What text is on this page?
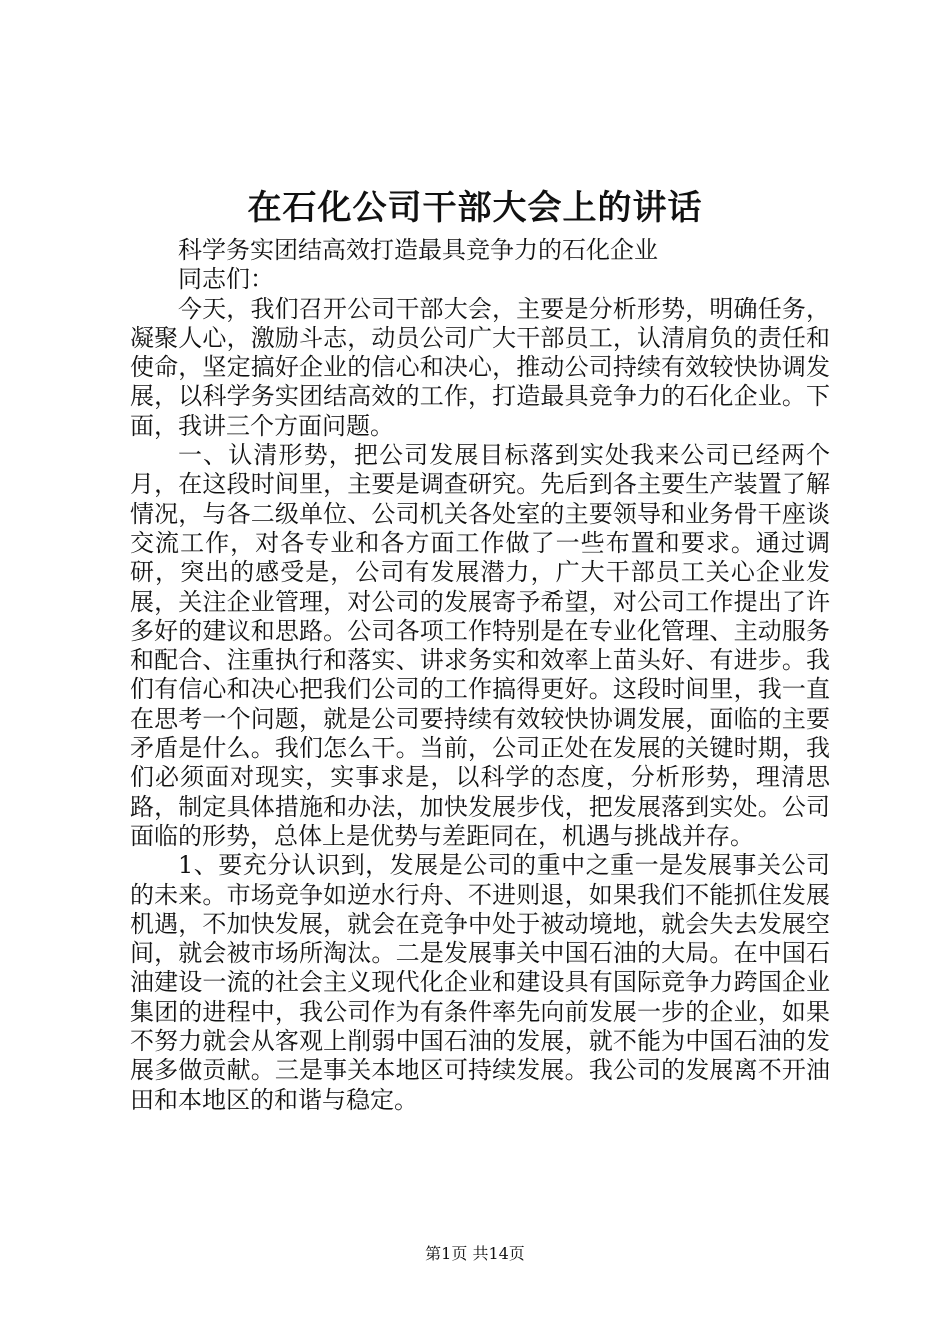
在石化公司干部大会上的讲话

科学务实团结高效打造最具竞争力的石化企业

同志们：

今天，我们召开公司干部大会，主要是分析形势，明确任务，凝聚人心，激励斗志，动员公司广大干部员工，认清肩负的责任和使命，坚定搞好企业的信心和决心，推动公司持续有效较快协调发展，以科学务实团结高效的工作，打造最具竞争力的石化企业。下面，我讲三个方面问题。

一、认清形势，把公司发展目标落到实处我来公司已经两个月，在这段时间里，主要是调查研究。先后到各主要生产装置了解情况，与各二级单位、公司机关各处室的主要领导和业务骨干座谈交流工作，对各专业和各方面工作做了一些布置和要求。通过调研，突出的感受是，公司有发展潜力，广大干部员工关心企业发展，关注企业管理，对公司的发展寄予希望，对公司工作提出了许多好的建议和思路。公司各项工作特别是在专业化管理、主动服务和配合、注重执行和落实、讲求务实和效率上苗头好、有进步。我们有信心和决心把我们公司的工作搞得更好。这段时间里，我一直在思考一个问题，就是公司要持续有效较快协调发展，面临的主要矛盾是什么。我们怎么干。当前，公司正处在发展的关键时期，我们必须面对现实，实事求是，以科学的态度，分析形势，理清思路，制定具体措施和办法，加快发展步伐，把发展落到实处。公司面临的形势，总体上是优势与差距同在，机遇与挑战并存。

1、要充分认识到，发展是公司的重中之重一是发展事关公司的未来。市场竞争如逆水行舟、不进则退，如果我们不能抓住发展机遇，不加快发展，就会在竞争中处于被动境地，就会失去发展空间，就会被市场所淘汰。二是发展事关中国石油的大局。在中国石油建设一流的社会主义现代化企业和建设具有国际竞争力跨国企业集团的进程中，我公司作为有条件率先向前发展一步的企业，如果不努力就会从客观上削弱中国石油的发展，就不能为中国石油的发展多做贡献。三是事关本地区可持续发展。我公司的发展离不开油田和本地区的和谐与稳定。

第1页 共14页
